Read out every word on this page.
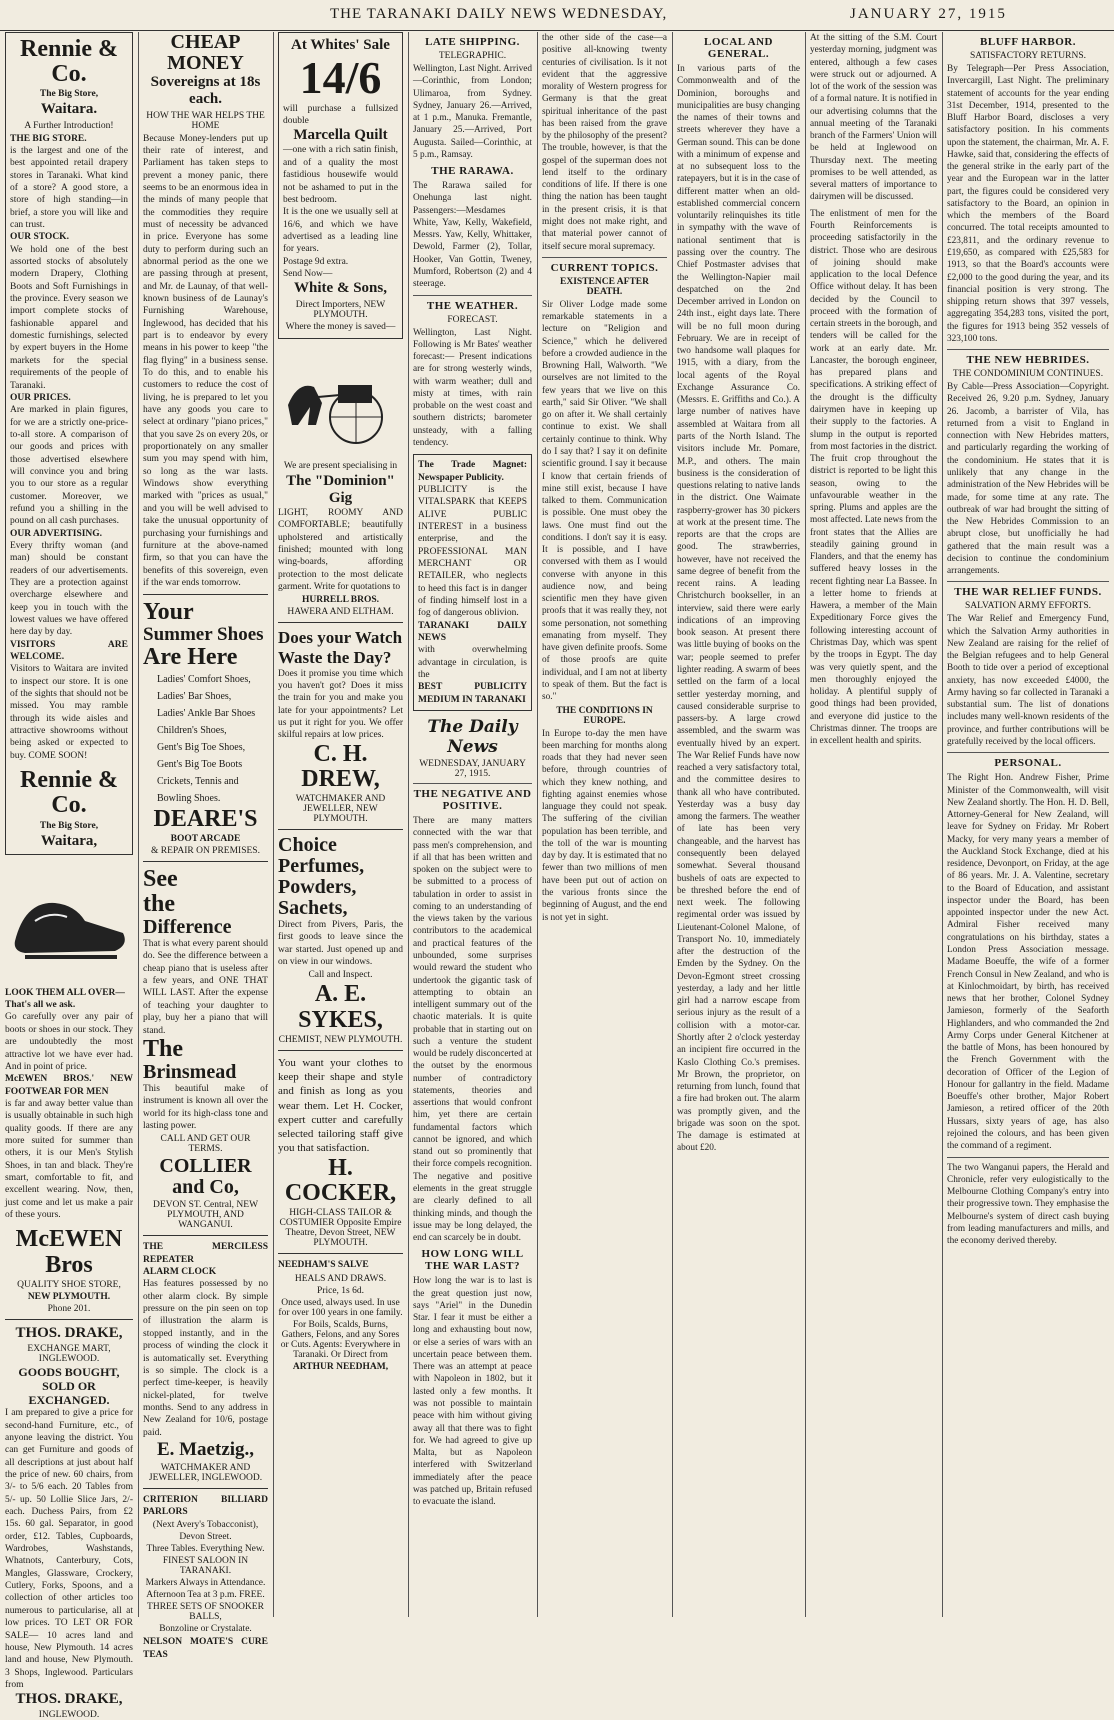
THE TARANAKI DAILY NEWS WEDNESDAY,	JANUARY 27, 1915
Rennie & Co.
The Big Store,
Waitara.
A Further Introduction!
THE BIG STORE.
is the largest and one of the best appointed retail drapery stores in Taranaki. What kind of a store? A good store, a store of high standing—in brief, a store you will like and can trust.
OUR STOCK.
We hold one of the best assorted stocks of absolutely modern Drapery, Clothing Boots and Soft Furnishings in the province. Every season we import complete stocks of fashionable apparel and domestic furnishings, selected by expert buyers in the Home markets for the special requirements of the people of Taranaki.
OUR PRICES.
Are marked in plain figures, for we are a strictly one-price-to-all store. A comparison of our goods and prices with those advertised elsewhere will convince you and bring you to our store as a regular customer. Moreover, we refund you a shilling in the pound on all cash purchases.
OUR ADVERTISING.
Every thrifty woman (and man) should be constant readers of our advertisements. They are a protection against overcharge elsewhere and keep you in touch with the lowest values we have offered here day by day.
VISITORS ARE WELCOME.
Visitors to Waitara are invited to inspect our store. It is one of the sights that should not be missed. You may ramble through its wide aisles and attractive showrooms without being asked or expected to buy. COME SOON!
Rennie & Co.
The Big Store,
Waitara,
LOOK THEM ALL OVER—
That's all we ask.
Go carefully over any pair of boots or shoes in our stock. They are undoubtedly the most attractive lot we have ever had. And in point of price.
McEWEN BROS.' NEW FOOTWEAR FOR MEN
is far and away better value than is usually obtainable in such high quality goods. If there are any more suited for summer than others, it is our Men's Stylish Shoes, in tan and black. They're smart, comfortable to fit, and excellent wearing. Now, then, just come and let us make a pair of these yours.
McEWEN Bros
QUALITY SHOE STORE,
NEW PLYMOUTH.
Phone 201.
THOS. DRAKE,
EXCHANGE MART, INGLEWOOD.
GOODS BOUGHT, SOLD OR EXCHANGED.
I am prepared to give a price for second-hand Furniture, etc., of anyone leaving the district. You can get Furniture and goods of all descriptions at just about half the price of new. 60 chairs, from 3/- to 5/6 each. 20 Tables from 5/- up. 50 Lollie Slice Jars, 2/- each. Duchess Pairs, from £2 15s. 60 gal. Separator, in good order, £12. Tables, Cupboards, Wardrobes, Washstands, Whatnots, Canterbury, Cots, Mangles, Glassware, Crockery, Cutlery, Forks, Spoons, and a collection of other articles too numerous to particularise, all at low prices. TO LET OR FOR SALE— 10 acres land and house, New Plymouth. 14 acres land and house, New Plymouth. 3 Shops, Inglewood. Particulars from
THOS. DRAKE,
INGLEWOOD.
CHEAP MONEY
Sovereigns at 18s each.
HOW THE WAR HELPS THE HOME
Because Money-lenders put up their rate of interest, and Parliament has taken steps to prevent a money panic, there seems to be an enormous idea in the minds of many people that the commodities they require must of necessity be advanced in price. Everyone has some duty to perform during such an abnormal period as the one we are passing through at present, and Mr. de Launay, of that well-known business of de Launay's Furnishing Warehouse, Inglewood, has decided that his part is to endeavor by every means in his power to keep "the flag flying" in a business sense. To do this, and to enable his customers to reduce the cost of living, he is prepared to let you have any goods you care to select at ordinary "piano prices," that you save 2s on every 20s, or proportionately on any smaller sum you may spend with him, so long as the war lasts. Windows show everything marked with "prices as usual," and you will be well advised to take the unusual opportunity of purchasing your furnishings and furniture at the above-named firm, so that you can have the benefits of this sovereign, even if the war ends tomorrow.
Your
Summer Shoes
Are Here
Ladies' Comfort Shoes,
Ladies' Bar Shoes,
Ladies' Ankle Bar Shoes
Children's Shoes,
Gent's Big Toe Shoes,
Gent's Big Toe Boots
Crickets, Tennis and Bowling Shoes.
DEARE'S
BOOT ARCADE
& REPAIR ON PREMISES.
See
the
Difference
That is what every parent should do. See the difference between a cheap piano that is useless after a few years, and ONE THAT WILL LAST. After the expense of teaching your daughter to play, buy her a piano that will stand.
The
Brinsmead
This beautiful make of instrument is known all over the world for its high-class tone and lasting power.
CALL AND GET OUR TERMS.
COLLIER and Co,
DEVON ST. Central, NEW PLYMOUTH, AND WANGANUI.
THE MERCILESS REPEATER
ALARM CLOCK
Has features possessed by no other alarm clock. By simple pressure on the pin seen on top of illustration the alarm is stopped instantly, and in the process of winding the clock it is automatically set. Everything is so simple. The clock is a perfect time-keeper, is heavily nickel-plated, for twelve months. Send to any address in New Zealand for 10/6, postage paid.
E. Maetzig.,
WATCHMAKER AND JEWELLER, INGLEWOOD.
CRITERION BILLIARD PARLORS
(Next Avery's Tobacconist),
Devon Street.
Three Tables. Everything New.
FINEST SALOON IN TARANAKI.
Markers Always in Attendance.
Afternoon Tea at 3 p.m. FREE.
THREE SETS OF SNOOKER BALLS,
Bonzoline or Crystalate.
NELSON MOATE'S CURE TEAS
At Whites' Sale
14/6
will purchase a fullsized double
Marcella Quilt
—one with a rich satin finish, and of a quality the most fastidious housewife would not be ashamed to put in the best bedroom.
It is the one we usually sell at 16/6, and which we have advertised as a leading line for years.
Postage 9d extra.
Send Now—
White & Sons,
Direct Importers, NEW PLYMOUTH.
Where the money is saved—
We are present specialising in
The "Dominion" Gig
LIGHT, ROOMY AND COMFORTABLE; beautifully upholstered and artistically finished; mounted with long wing-boards, affording protection to the most delicate garment. Write for quotations to
HURRELL BROS.
HAWERA AND ELTHAM.
Does your Watch Waste the Day?
Does it promise you time which you haven't got? Does it miss the train for you and make you late for your appointments? Let us put it right for you. We offer skilful repairs at low prices.
C. H. DREW,
WATCHMAKER AND JEWELLER, NEW PLYMOUTH.
Choice Perfumes, Powders, Sachets,
Direct from Pivers, Paris, the first goods to leave since the war started. Just opened up and on view in our windows.
Call and Inspect.
A. E. SYKES,
CHEMIST, NEW PLYMOUTH.
You want your clothes to keep their shape and style and finish as long as you wear them. Let H. Cocker, expert cutter and carefully selected tailoring staff give you that satisfaction.
H. COCKER,
HIGH-CLASS TAILOR & COSTUMIER Opposite Empire Theatre, Devon Street, NEW PLYMOUTH.
NEEDHAM'S SALVE
HEALS AND DRAWS.
Price, 1s 6d.
Once used, always used. In use for over 100 years in one family.
For Boils, Scalds, Burns, Gathers, Felons, and any Sores or Cuts. Agents: Everywhere in Taranaki. Or Direct from
ARTHUR NEEDHAM,
LATE SHIPPING.
TELEGRAPHIC.
Wellington, Last Night. Arrived—Corinthic, from London; Ulimaroa, from Sydney. Sydney, January 26.—Arrived, at 1 p.m., Manuka. Fremantle, January 25.—Arrived, Port Augusta. Sailed—Corinthic, at 5 p.m., Ramsay.
THE RARAWA.
The Rarawa sailed for Onehunga last night. Passengers:—Mesdames White, Yaw, Kelly, Wakefield, Messrs. Yaw, Kelly, Whittaker, Dewold, Farmer (2), Tollar, Hooker, Van Gottin, Tweney, Mumford, Robertson (2) and 4 steerage.
THE WEATHER.
FORECAST.
Wellington, Last Night. Following is Mr Bates' weather forecast:— Present indications are for strong westerly winds, with warm weather; dull and misty at times, with rain probable on the west coast and southern districts; barometer unsteady, with a falling tendency.
The Trade Magnet: Newspaper Publicity.
PUBLICITY is the VITALSPARK that KEEPS ALIVE PUBLIC INTEREST in a business enterprise, and the PROFESSIONAL MAN MERCHANT OR RETAILER, who neglects to heed this fact is in danger of finding himself lost in a fog of dangerous oblivion.
TARANAKI DAILY NEWS
with overwhelming advantage in circulation, is the
BEST PUBLICITY MEDIUM IN TARANAKI
The Daily News
WEDNESDAY, JANUARY 27, 1915.
THE NEGATIVE AND POSITIVE.
There are many matters connected with the war that pass men's comprehension, and if all that has been written and spoken on the subject were to be submitted to a process of tabulation in order to assist in coming to an understanding of the views taken by the various contributors to the academical and practical features of the unbounded, some surprises would reward the student who undertook the gigantic task of attempting to obtain an intelligent summary out of the chaotic materials. It is quite probable that in starting out on such a venture the student would be rudely disconcerted at the outset by the enormous number of contradictory statements, theories and assertions that would confront him, yet there are certain fundamental factors which cannot be ignored, and which stand out so prominently that their force compels recognition. The negative and positive elements in the great struggle are clearly defined to all thinking minds, and though the issue may be long delayed, the end can scarcely be in doubt.
HOW LONG WILL THE WAR LAST?
How long the war is to last is the great question just now, says "Ariel" in the Dunedin Star. I fear it must be either a long and exhausting bout now, or else a series of wars with an uncertain peace between them. There was an attempt at peace with Napoleon in 1802, but it lasted only a few months. It was not possible to maintain peace with him without giving away all that there was to fight for. We had agreed to give up Malta, but as Napoleon interfered with Switzerland immediately after the peace was patched up, Britain refused to evacuate the island.
the other side of the case—a positive all-knowing twenty centuries of civilisation. Is it not evident that the aggressive morality of Western progress for Germany is that the great spiritual inheritance of the past has been raised from the grave by the philosophy of the present? The trouble, however, is that the gospel of the superman does not lend itself to the ordinary conditions of life. If there is one thing the nation has been taught in the present crisis, it is that might does not make right, and that material power cannot of itself secure moral supremacy.
CURRENT TOPICS.
EXISTENCE AFTER DEATH.
Sir Oliver Lodge made some remarkable statements in a lecture on "Religion and Science," which he delivered before a crowded audience in the Browning Hall, Walworth. "We ourselves are not limited to the few years that we live on this earth," said Sir Oliver. "We shall go on after it. We shall certainly continue to exist. We shall certainly continue to think. Why do I say that? I say it on definite scientific ground. I say it because I know that certain friends of mine still exist, because I have talked to them. Communication is possible. One must obey the laws. One must find out the conditions. I don't say it is easy. It is possible, and I have conversed with them as I would converse with anyone in this audience now, and being scientific men they have given proofs that it was really they, not some personation, not something emanating from myself. They have given definite proofs. Some of those proofs are quite individual, and I am not at liberty to speak of them. But the fact is so."
THE CONDITIONS IN EUROPE.
In Europe to-day the men have been marching for months along roads that they had never seen before, through countries of which they knew nothing, and fighting against enemies whose language they could not speak. The suffering of the civilian population has been terrible, and the toll of the war is mounting day by day. It is estimated that no fewer than two millions of men have been put out of action on the various fronts since the beginning of August, and the end is not yet in sight.
LOCAL AND GENERAL.
In various parts of the Commonwealth and of the Dominion, boroughs and municipalities are busy changing the names of their towns and streets wherever they have a German sound. This can be done with a minimum of expense and at no subsequent loss to the ratepayers, but it is in the case of different matter when an old-established commercial concern voluntarily relinquishes its title in sympathy with the wave of national sentiment that is passing over the country. The Chief Postmaster advises that the Wellington-Napier mail despatched on the 2nd December arrived in London on 24th inst., eight days late. There will be no full moon during February. We are in receipt of two handsome wall plaques for 1915, with a diary, from the local agents of the Royal Exchange Assurance Co. (Messrs. E. Griffiths and Co.). A large number of natives have assembled at Waitara from all parts of the North Island. The visitors include Mr. Pomare, M.P., and others. The main business is the consideration of questions relating to native lands in the district. One Waimate raspberry-grower has 30 pickers at work at the present time. The reports are that the crops are good. The strawberries, however, have not received the same degree of benefit from the recent rains. A leading Christchurch bookseller, in an interview, said there were early indications of an improving book season. At present there was little buying of books on the war; people seemed to prefer lighter reading. A swarm of bees settled on the farm of a local settler yesterday morning, and caused considerable surprise to passers-by. A large crowd assembled, and the swarm was eventually hived by an expert. The War Relief Funds have now reached a very satisfactory total, and the committee desires to thank all who have contributed. Yesterday was a busy day among the farmers. The weather of late has been very changeable, and the harvest has consequently been delayed somewhat. Several thousand bushels of oats are expected to be threshed before the end of next week. The following regimental order was issued by Lieutenant-Colonel Malone, of Transport No. 10, immediately after the destruction of the Emden by the Sydney. On the Devon-Egmont street crossing yesterday, a lady and her little girl had a narrow escape from serious injury as the result of a collision with a motor-car. Shortly after 2 o'clock yesterday an incipient fire occurred in the Kaslo Clothing Co.'s premises. Mr Brown, the proprietor, on returning from lunch, found that a fire had broken out. The alarm was promptly given, and the brigade was soon on the spot. The damage is estimated at about £20.
At the sitting of the S.M. Court yesterday morning, judgment was entered, although a few cases were struck out or adjourned. A lot of the work of the session was of a formal nature. It is notified in our advertising columns that the annual meeting of the Taranaki branch of the Farmers' Union will be held at Inglewood on Thursday next. The meeting promises to be well attended, as several matters of importance to dairymen will be discussed.
The enlistment of men for the Fourth Reinforcements is proceeding satisfactorily in the district. Those who are desirous of joining should make application to the local Defence Office without delay. It has been decided by the Council to proceed with the formation of certain streets in the borough, and tenders will be called for the work at an early date. Mr. Lancaster, the borough engineer, has prepared plans and specifications. A striking effect of the drought is the difficulty dairymen have in keeping up their supply to the factories. A slump in the output is reported from most factories in the district. The fruit crop throughout the district is reported to be light this season, owing to the unfavourable weather in the spring. Plums and apples are the most affected. Late news from the front states that the Allies are steadily gaining ground in Flanders, and that the enemy has suffered heavy losses in the recent fighting near La Bassee. In a letter home to friends at Hawera, a member of the Main Expeditionary Force gives the following interesting account of Christmas Day, which was spent by the troops in Egypt. The day was very quietly spent, and the men thoroughly enjoyed the holiday. A plentiful supply of good things had been provided, and everyone did justice to the Christmas dinner. The troops are in excellent health and spirits.
BLUFF HARBOR.
SATISFACTORY RETURNS.
By Telegraph—Per Press Association, Invercargill, Last Night. The preliminary statement of accounts for the year ending 31st December, 1914, presented to the Bluff Harbor Board, discloses a very satisfactory position. In his comments upon the statement, the chairman, Mr. A. F. Hawke, said that, considering the effects of the general strike in the early part of the year and the European war in the latter part, the figures could be considered very satisfactory to the Board, an opinion in which the members of the Board concurred. The total receipts amounted to £23,811, and the ordinary revenue to £19,650, as compared with £25,583 for 1913, so that the Board's accounts were £2,000 to the good during the year, and its financial position is very strong. The shipping return shows that 397 vessels, aggregating 354,283 tons, visited the port, the figures for 1913 being 352 vessels of 323,100 tons.
THE NEW HEBRIDES.
THE CONDOMINIUM CONTINUES.
By Cable—Press Association—Copyright. Received 26, 9.20 p.m. Sydney, January 26. Jacomb, a barrister of Vila, has returned from a visit to England in connection with New Hebrides matters, and particularly regarding the working of the condominium. He states that it is unlikely that any change in the administration of the New Hebrides will be made, for some time at any rate. The outbreak of war had brought the sitting of the New Hebrides Commission to an abrupt close, but unofficially he had gathered that the main result was a decision to continue the condominium arrangements.
THE WAR RELIEF FUNDS.
SALVATION ARMY EFFORTS.
The War Relief and Emergency Fund, which the Salvation Army authorities in New Zealand are raising for the relief of the Belgian refugees and to help General Booth to tide over a period of exceptional anxiety, has now exceeded £4000, the Army having so far collected in Taranaki a substantial sum. The list of donations includes many well-known residents of the province, and further contributions will be gratefully received by the local officers.
PERSONAL.
The Right Hon. Andrew Fisher, Prime Minister of the Commonwealth, will visit New Zealand shortly. The Hon. H. D. Bell, Attorney-General for New Zealand, will leave for Sydney on Friday. Mr Robert Macky, for very many years a member of the Auckland Stock Exchange, died at his residence, Devonport, on Friday, at the age of 86 years. Mr. J. A. Valentine, secretary to the Board of Education, and assistant inspector under the Board, has been appointed inspector under the new Act. Admiral Fisher received many congratulations on his birthday, states a London Press Association message. Madame Boeuffe, the wife of a former French Consul in New Zealand, and who is at Kinlochmoidart, by birth, has received news that her brother, Colonel Sydney Jamieson, formerly of the Seaforth Highlanders, and who commanded the 2nd Army Corps under General Kitchener at the battle of Mons, has been honoured by the French Government with the decoration of Officer of the Legion of Honour for gallantry in the field. Madame Boeuffe's other brother, Major Robert Jamieson, a retired officer of the 20th Hussars, sixty years of age, has also rejoined the colours, and has been given the command of a regiment.
The two Wanganui papers, the Herald and Chronicle, refer very eulogistically to the Melbourne Clothing Company's entry into their progressive town. They emphasise the Melbourne's system of direct cash buying from leading manufacturers and mills, and the economy derived thereby.
